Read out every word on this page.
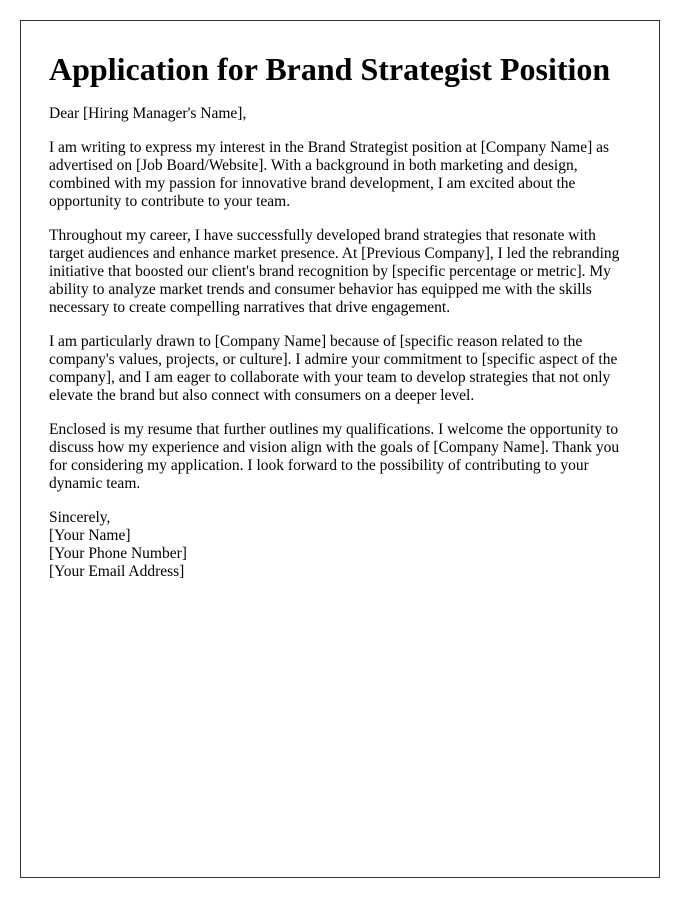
Application for Brand Strategist Position

Dear [Hiring Manager's Name],

I am writing to express my interest in the Brand Strategist position at [Company Name] as advertised on [Job Board/Website]. With a background in both marketing and design, combined with my passion for innovative brand development, I am excited about the opportunity to contribute to your team.

Throughout my career, I have successfully developed brand strategies that resonate with target audiences and enhance market presence. At [Previous Company], I led the rebranding initiative that boosted our client's brand recognition by [specific percentage or metric]. My ability to analyze market trends and consumer behavior has equipped me with the skills necessary to create compelling narratives that drive engagement.

I am particularly drawn to [Company Name] because of [specific reason related to the company's values, projects, or culture]. I admire your commitment to [specific aspect of the company], and I am eager to collaborate with your team to develop strategies that not only elevate the brand but also connect with consumers on a deeper level.

Enclosed is my resume that further outlines my qualifications. I welcome the opportunity to discuss how my experience and vision align with the goals of [Company Name]. Thank you for considering my application. I look forward to the possibility of contributing to your dynamic team.

Sincerely,
[Your Name]
[Your Phone Number]
[Your Email Address]
